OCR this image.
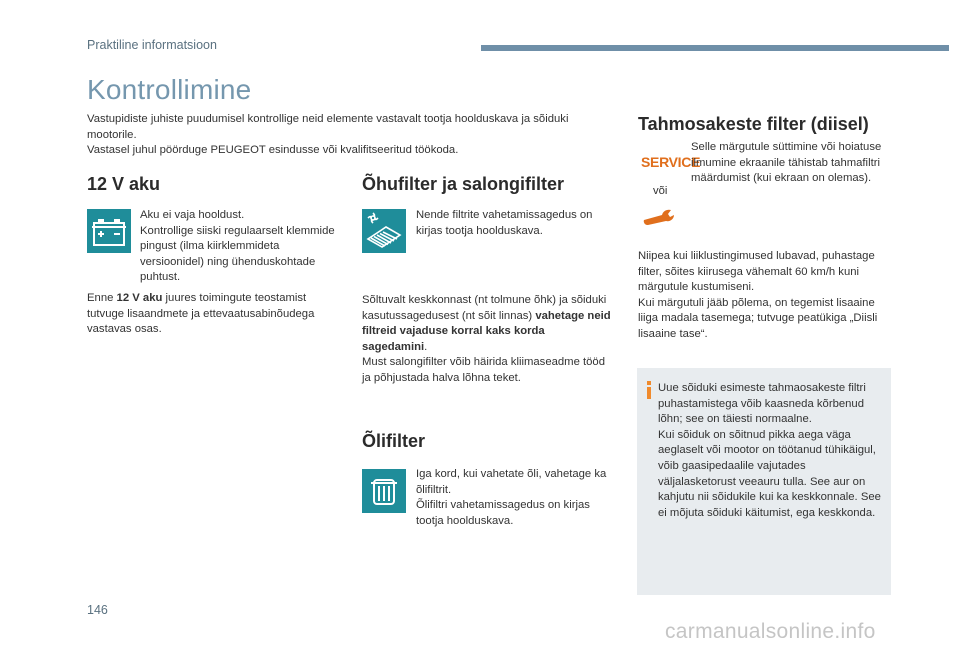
Praktiline informatsioon
Kontrollimine

Vastupidiste juhiste puudumisel kontrollige neid elemente vastavalt tootja hoolduskava ja sõiduki mootorile.

Vastasel juhul pöörduge PEUGEOT esindusse või kvalifitseeritud töökoda.

12 V aku

Aku ei vaja hooldust.

Kontrollige siiski regulaarselt klemmide pingust (ilma kiirklemmideta versioonidel) ning ühenduskohtade puhtust.

Enne 12 V aku juures toimingute teostamist tutvuge lisaandmete ja ettevaatusabinõudega vastavas osas.

Õhufilter ja salongifilter
Nende filtrite vahetamissagedus on kirjas tootja hoolduskava.

Sõltuvalt keskkonnast (nt tolmune õhk) ja sõiduki kasutussagedusest (nt sõit linnas) vahetage neid filtreid vajaduse korral kaks korda sagedamini.

Must salongifilter võib häirida kliimaseadme tööd ja põhjustada halva lõhna teket.

Õlifilter

Iga kord, kui vahetate õli, vahetage ka õlifiltrit.

Õlifiltri vahetamissagedus on kirjas tootja hoolduskava.

Tahmosakeste filter (diisel)
SERVICE
või
Selle märgutule süttimine või hoiatuse ilmumine ekraanile tähistab tahmafiltri määrdumist (kui ekraan on olemas).

Niipea kui liiklustingimused lubavad, puhastage filter, sõites kiirusega vähemalt 60 km/h kuni märgutule kustumiseni.

Kui märgutuli jääb põlema, on tegemist lisaaine liiga madala tasemega; tutvuge peatükiga „Diisli lisaaine tase“.

Uue sõiduki esimeste tahmaosakeste filtri puhastamistega võib kaasneda kõrbenud lõhn; see on täiesti normaalne.

Kui sõiduk on sõitnud pikka aega väga aeglaselt või mootor on töötanud tühikäigul, võib gaasipedaalile vajutades väljalasketorust veeauru tulla. See aur on kahjutu nii sõidukile kui ka keskkonnale. See ei mõjuta sõiduki käitumist, ega keskkonda.

146
carmanualsonline.info
